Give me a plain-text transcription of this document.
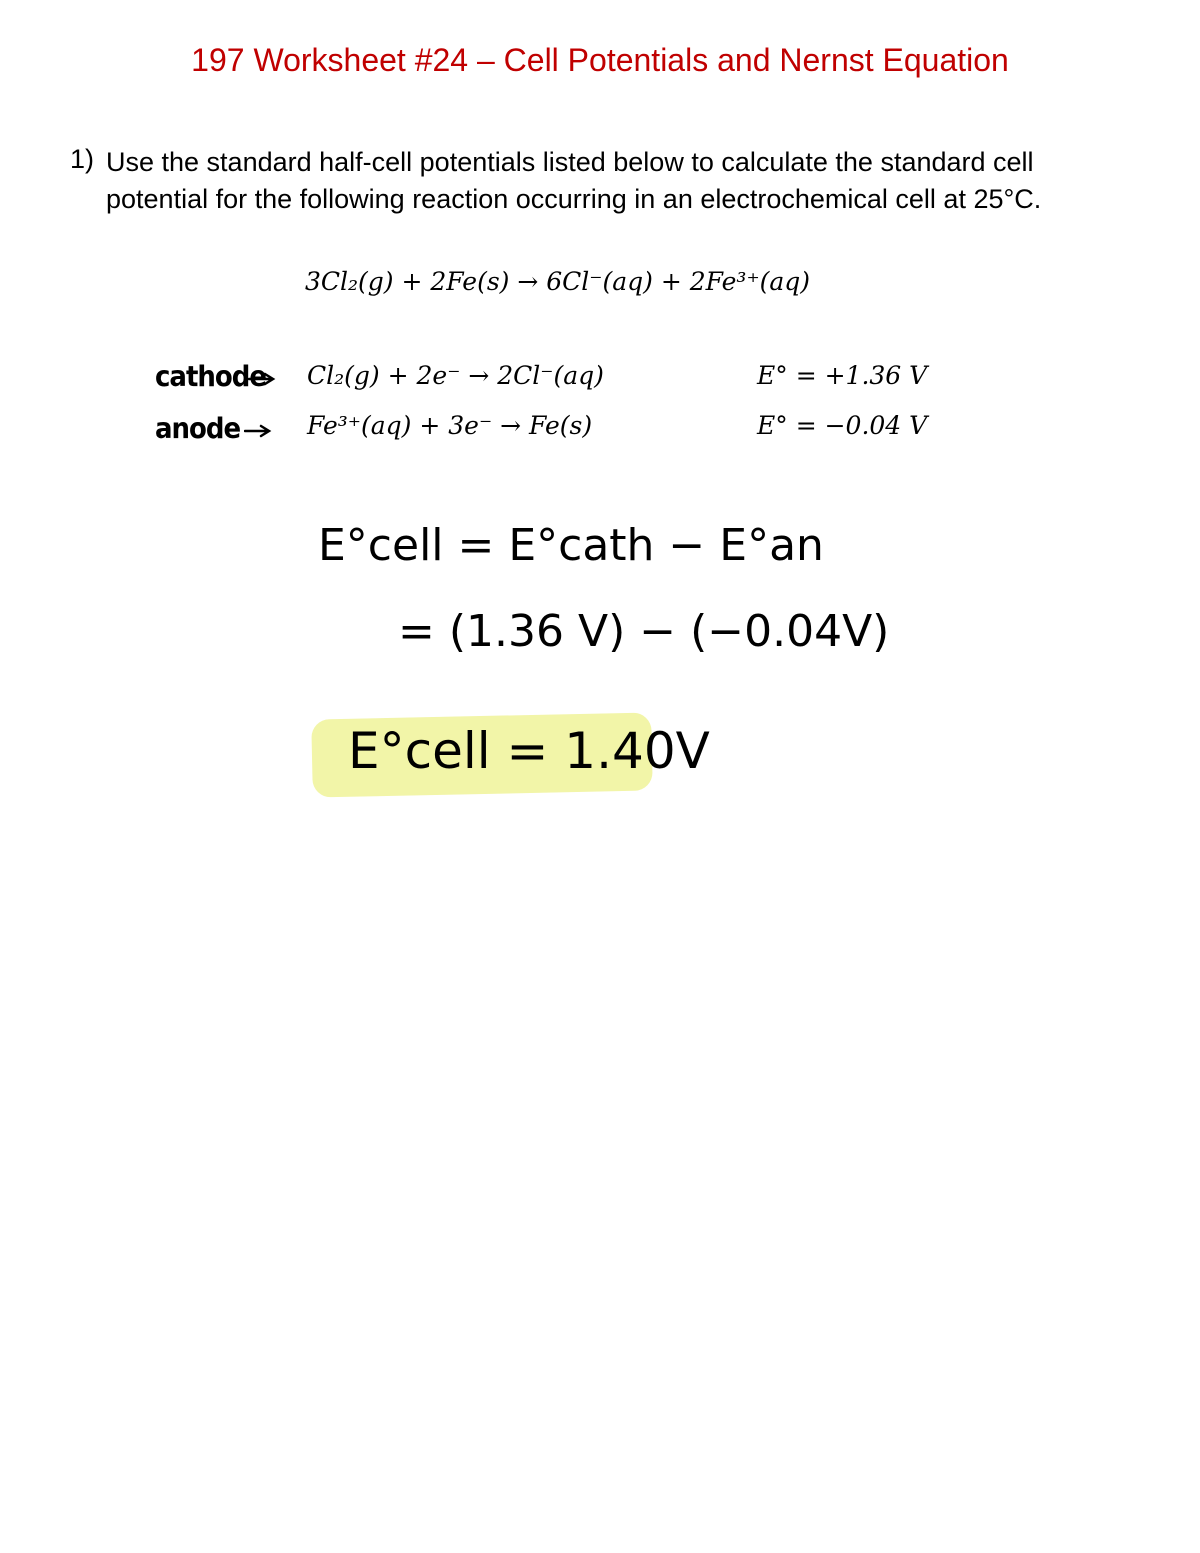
197 Worksheet #24 – Cell Potentials and Nernst Equation
1) Use the standard half-cell potentials listed below to calculate the standard cell potential for the following reaction occurring in an electrochemical cell at 25°C.
3Cl₂(g) + 2Fe(s) → 6Cl⁻(aq) + 2Fe³⁺(aq)
cathode Cl₂(g) + 2e⁻ → 2Cl⁻(aq)	E° = +1.36 V
anode	Fe³⁺(aq) + 3e⁻ → Fe(s)	E° = −0.04 V
E°cell = E°cath − E°an
= (1.36 V) − (−0.04V)
E°cell = 1.40V
